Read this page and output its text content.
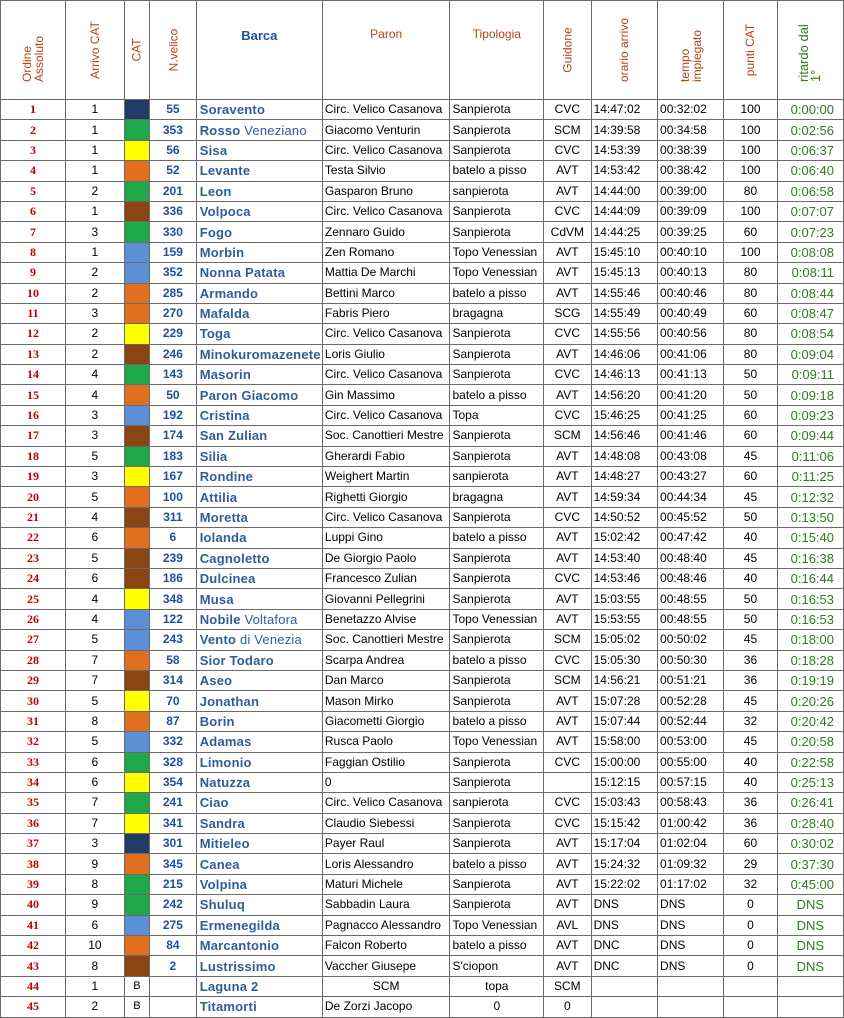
Ordine Assoluto	Arrivo CAT	CAT	N.velico	Barca	Paron	Tipologia	Guidone	orario arrivo	tempo impiegato	punti CAT	ritardo dal 1°
1	1		55	Soravento	Circ. Velico Casanova	Sanpierota	CVC	14:47:02	00:32:02	100	0:00:00
2	1		353	Rosso Veneziano	Giacomo Venturin	Sanpierota	SCM	14:39:58	00:34:58	100	0:02:56
3	1		56	Sisa	Circ. Velico Casanova	Sanpierota	CVC	14:53:39	00:38:39	100	0:06:37
4	1		52	Levante	Testa Silvio	batelo a pisso	AVT	14:53:42	00:38:42	100	0:06:40
5	2		201	Leon	Gasparon Bruno	sanpierota	AVT	14:44:00	00:39:00	80	0:06:58
6	1		336	Volpoca	Circ. Velico Casanova	Sanpierota	CVC	14:44:09	00:39:09	100	0:07:07
7	3		330	Fogo	Zennaro Guido	Sanpierota	CdVM	14:44:25	00:39:25	60	0:07:23
8	1		159	Morbin	Zen Romano	Topo Venessian	AVT	15:45:10	00:40:10	100	0:08:08
9	2		352	Nonna Patata	Mattia De Marchi	Topo Venessian	AVT	15:45:13	00:40:13	80	0:08:11
10	2		285	Armando	Bettini Marco	batelo a pisso	AVT	14:55:46	00:40:46	80	0:08:44
11	3		270	Mafalda	Fabris Piero	bragagna	SCG	14:55:49	00:40:49	60	0:08:47
12	2		229	Toga	Circ. Velico Casanova	Sanpierota	CVC	14:55:56	00:40:56	80	0:08:54
13	2		246	Minokuromazenete	Loris Giulio	Sanpierota	AVT	14:46:06	00:41:06	80	0:09:04
14	4		143	Masorin	Circ. Velico Casanova	Sanpierota	CVC	14:46:13	00:41:13	50	0:09:11
15	4		50	Paron Giacomo	Gin Massimo	batelo a pisso	AVT	14:56:20	00:41:20	50	0:09:18
16	3		192	Cristina	Circ. Velico Casanova	Topa	CVC	15:46:25	00:41:25	60	0:09:23
17	3		174	San Zulian	Soc. Canottieri Mestre	Sanpierota	SCM	14:56:46	00:41:46	60	0:09:44
18	5		183	Silia	Gherardi Fabio	Sanpierota	AVT	14:48:08	00:43:08	45	0:11:06
19	3		167	Rondine	Weighert Martin	sanpierota	AVT	14:48:27	00:43:27	60	0:11:25
20	5		100	Attilia	Righetti Giorgio	bragagna	AVT	14:59:34	00:44:34	45	0:12:32
21	4		311	Moretta	Circ. Velico Casanova	Sanpierota	CVC	14:50:52	00:45:52	50	0:13:50
22	6		6	Iolanda	Luppi Gino	batelo a pisso	AVT	15:02:42	00:47:42	40	0:15:40
23	5		239	Cagnoletto	De Giorgio Paolo	Sanpierota	AVT	14:53:40	00:48:40	45	0:16:38
24	6		186	Dulcinea	Francesco Zulian	Sanpierota	CVC	14:53:46	00:48:46	40	0:16:44
25	4		348	Musa	Giovanni Pellegrini	Sanpierota	AVT	15:03:55	00:48:55	50	0:16:53
26	4		122	Nobile Voltafora	Benetazzo Alvise	Topo Venessian	AVT	15:53:55	00:48:55	50	0:16:53
27	5		243	Vento di Venezia	Soc. Canottieri Mestre	Sanpierota	SCM	15:05:02	00:50:02	45	0:18:00
28	7		58	Sior Todaro	Scarpa Andrea	batelo a pisso	CVC	15:05:30	00:50:30	36	0:18:28
29	7		314	Aseo	Dan Marco	Sanpierota	SCM	14:56:21	00:51:21	36	0:19:19
30	5		70	Jonathan	Mason Mirko	Sanpierota	AVT	15:07:28	00:52:28	45	0:20:26
31	8		87	Borin	Giacometti Giorgio	batelo a pisso	AVT	15:07:44	00:52:44	32	0:20:42
32	5		332	Adamas	Rusca Paolo	Topo Venessian	AVT	15:58:00	00:53:00	45	0:20:58
33	6		328	Limonio	Faggian Ostilio	Sanpierota	CVC	15:00:00	00:55:00	40	0:22:58
34	6		354	Natuzza	0	Sanpierota		15:12:15	00:57:15	40	0:25:13
35	7		241	Ciao	Circ. Velico Casanova	sanpierota	CVC	15:03:43	00:58:43	36	0:26:41
36	7		341	Sandra	Claudio Siebessi	Sanpierota	CVC	15:15:42	01:00:42	36	0:28:40
37	3		301	Mitieleo	Payer Raul	Sanpierota	AVT	15:17:04	01:02:04	60	0:30:02
38	9		345	Canea	Loris Alessandro	batelo a pisso	AVT	15:24:32	01:09:32	29	0:37:30
39	8		215	Volpina	Maturi Michele	Sanpierota	AVT	15:22:02	01:17:02	32	0:45:00
40	9		242	Shuluq	Sabbadin Laura	Sanpierota	AVT	DNS	DNS	0	DNS
41	6		275	Ermenegilda	Pagnacco Alessandro	Topo Venessian	AVL	DNS	DNS	0	DNS
42	10		84	Marcantonio	Falcon Roberto	batelo a pisso	AVT	DNC	DNS	0	DNS
43	8		2	Lustrissimo	Vaccher Giusepe	S'ciopon	AVT	DNC	DNS	0	DNS
44	1	B		Laguna 2	SCM	topa	SCM				
45	2	B		Titamorti	De Zorzi Jacopo	0	0				
